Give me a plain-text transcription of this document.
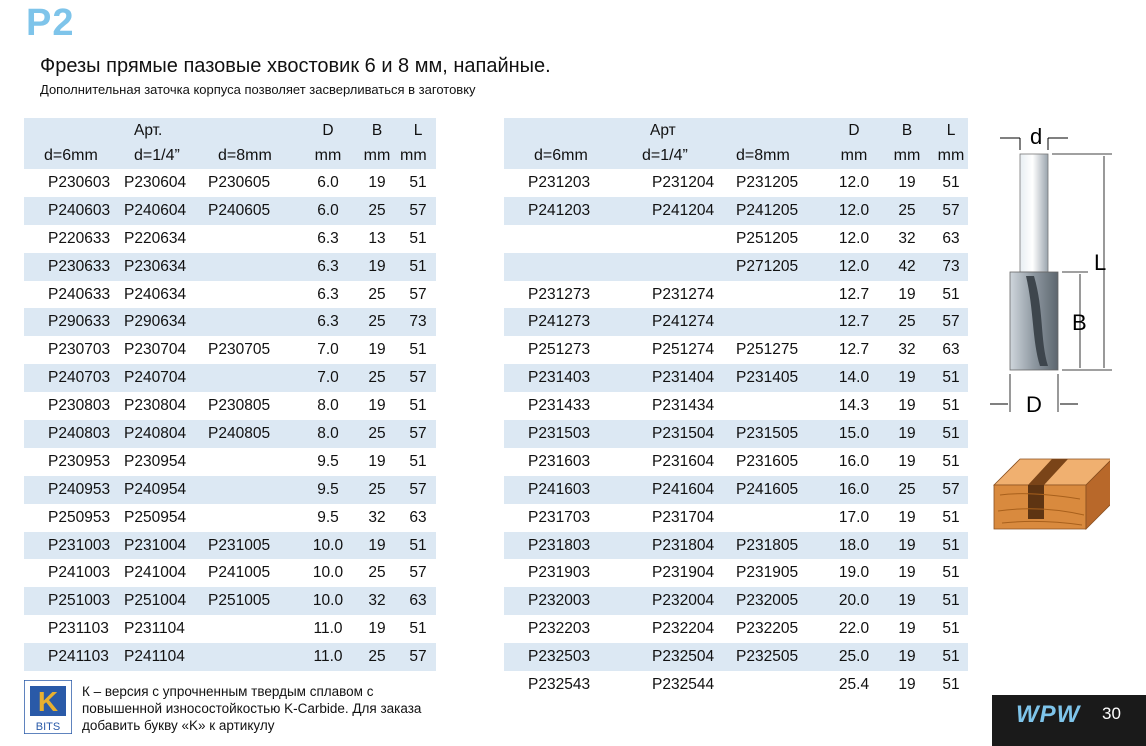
P2
Фрезы прямые пазовые хвостовик 6 и 8 мм, напайные.
Дополнительная заточка корпуса позволяет засверливаться в заготовку
	Арт.		D	B	L
d=6mm	d=1/4”	d=8mm	mm	mm	mm
P230603	P230604	P230605	6.0	19	51
P240603	P240604	P240605	6.0	25	57
P220633	P220634		6.3	13	51
P230633	P230634		6.3	19	51
P240633	P240634		6.3	25	57
P290633	P290634		6.3	25	73
P230703	P230704	P230705	7.0	19	51
P240703	P240704		7.0	25	57
P230803	P230804	P230805	8.0	19	51
P240803	P240804	P240805	8.0	25	57
P230953	P230954		9.5	19	51
P240953	P240954		9.5	25	57
P250953	P250954		9.5	32	63
P231003	P231004	P231005	10.0	19	51
P241003	P241004	P241005	10.0	25	57
P251003	P251004	P251005	10.0	32	63
P231103	P231104		11.0	19	51
P241103	P241104		11.0	25	57
	Арт		D	B	L
d=6mm	d=1/4”	d=8mm	mm	mm	mm
P231203	P231204	P231205	12.0	19	51
P241203	P241204	P241205	12.0	25	57
		P251205	12.0	32	63
		P271205	12.0	42	73
P231273	P231274		12.7	19	51
P241273	P241274		12.7	25	57
P251273	P251274	P251275	12.7	32	63
P231403	P231404	P231405	14.0	19	51
P231433	P231434		14.3	19	51
P231503	P231504	P231505	15.0	19	51
P231603	P231604	P231605	16.0	19	51
P241603	P241604	P241605	16.0	25	57
P231703	P231704		17.0	19	51
P231803	P231804	P231805	18.0	19	51
P231903	P231904	P231905	19.0	19	51
P232003	P232004	P232005	20.0	19	51
P232203	P232204	P232205	22.0	19	51
P232503	P232504	P232505	25.0	19	51
P232543	P232544		25.4	19	51
d
L
B
D
K
BITS
К – версия с упрочненным твердым сплавом с
повышенной износостойкостью K-Carbide. Для заказа
добавить букву «K» к артикулу	WPW 30
